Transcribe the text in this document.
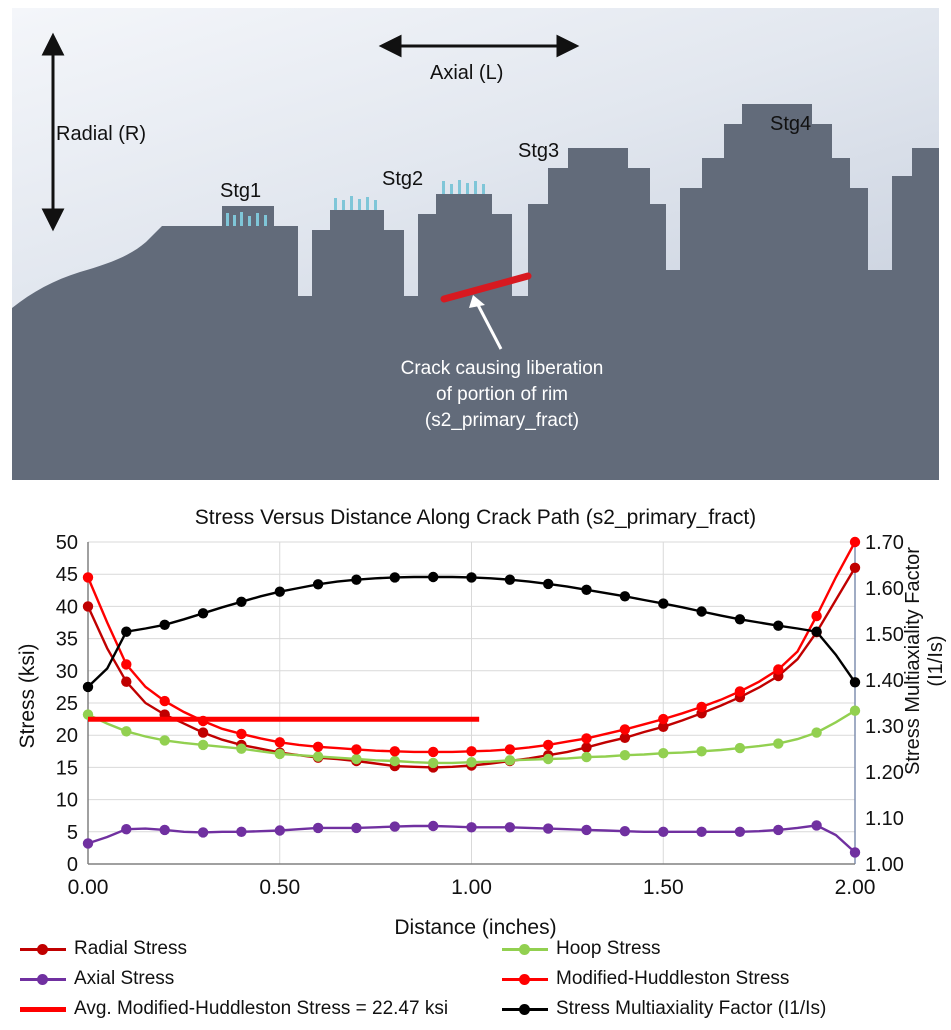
Radial (R)
Axial (L)
Stg1
Stg2
Stg3
Stg4
Crack causing liberation
of portion of rim
(s2_primary_fract)
Stress Versus Distance Along Crack Path (s2_primary_fract)
0
5
10
15
20
25
30
35
40
45
50
1.00
1.10
1.20
1.30
1.40
1.50
1.60
1.70
0.00	0.50	1.00	1.50	2.00
Distance (inches)
Stress (ksi)	Stress Multiaxiality Factor (I1/Is)
Radial Stress	Hoop Stress
Axial Stress	Modified-Huddleston Stress
Avg. Modified-Huddleston Stress = 22.47 ksi	Stress Multiaxiality Factor (I1/Is)
